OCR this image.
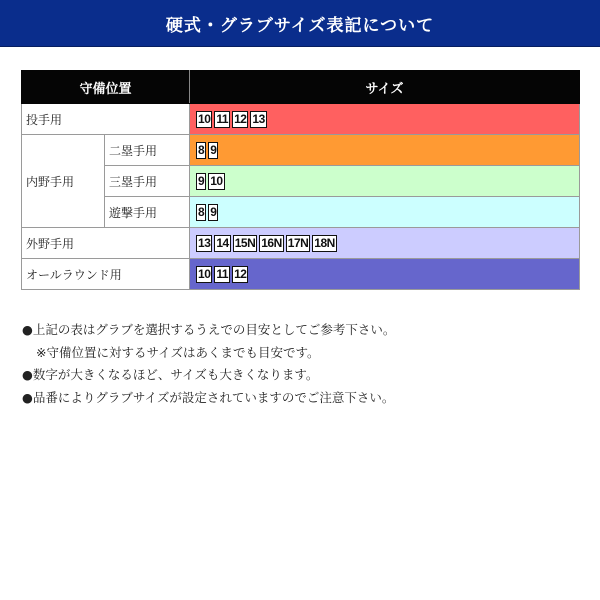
硬式・グラブサイズ表記について
守備位置		サイズ
投手用		10 11 12 13
内野手用	二塁手用	8 9
	三塁手用	9 10
	遊撃手用	8 9
外野手用		13 14 15N 16N 17N 18N
オールラウンド用		10 11 12
●上記の表はグラブを選択するうえでの目安としてご参考下さい。
※守備位置に対するサイズはあくまでも目安です。
●数字が大きくなるほど、サイズも大きくなります。
●品番によりグラブサイズが設定されていますのでご注意下さい。
